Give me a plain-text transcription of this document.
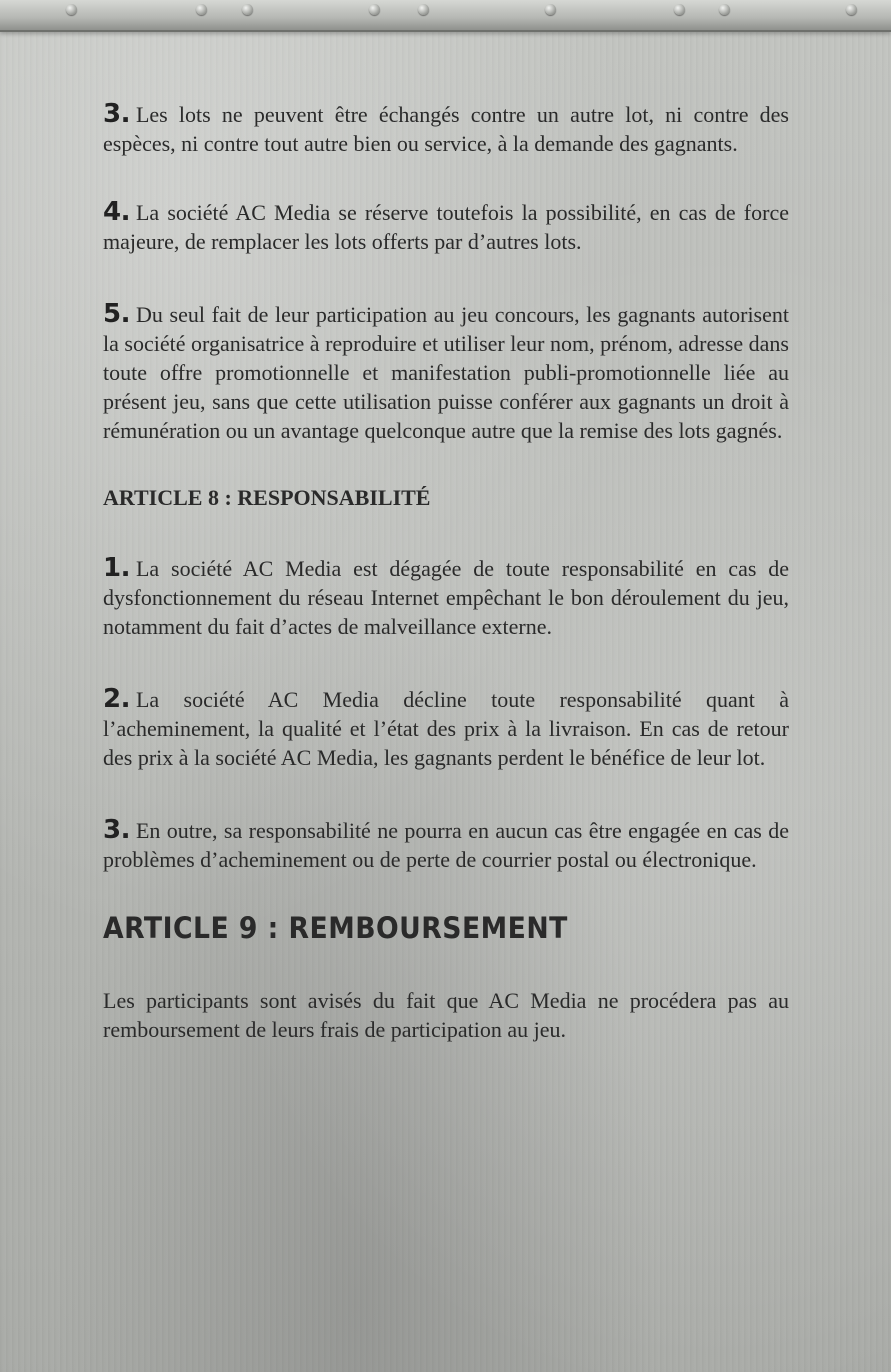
3. Les lots ne peuvent être échangés contre un autre lot, ni contre des espèces, ni contre tout autre bien ou service, à la demande des gagnants.

4. La société AC Media se réserve toutefois la possibilité, en cas de force majeure, de remplacer les lots offerts par d’autres lots.

5. Du seul fait de leur participation au jeu concours, les gagnants autorisent la société organisatrice à reproduire et utiliser leur nom, prénom, adresse dans toute offre promotionnelle et manifestation publi-promotionnelle liée au présent jeu, sans que cette utilisation puisse conférer aux gagnants un droit à rémunération ou un avantage quelconque autre que la remise des lots gagnés.

ARTICLE 8 : RESPONSABILITÉ

1. La société AC Media est dégagée de toute responsabilité en cas de dysfonctionnement du réseau Internet empêchant le bon déroulement du jeu, notamment du fait d’actes de malveillance externe.

2. La société AC Media décline toute responsabilité quant à l’acheminement, la qualité et l’état des prix à la livraison. En cas de retour des prix à la société AC Media, les gagnants perdent le bénéfice de leur lot.

3. En outre, sa responsabilité ne pourra en aucun cas être engagée en cas de problèmes d’acheminement ou de perte de courrier postal ou électronique.

ARTICLE 9 : REMBOURSEMENT

Les participants sont avisés du fait que AC Media ne procédera pas au remboursement de leurs frais de participation au jeu.
